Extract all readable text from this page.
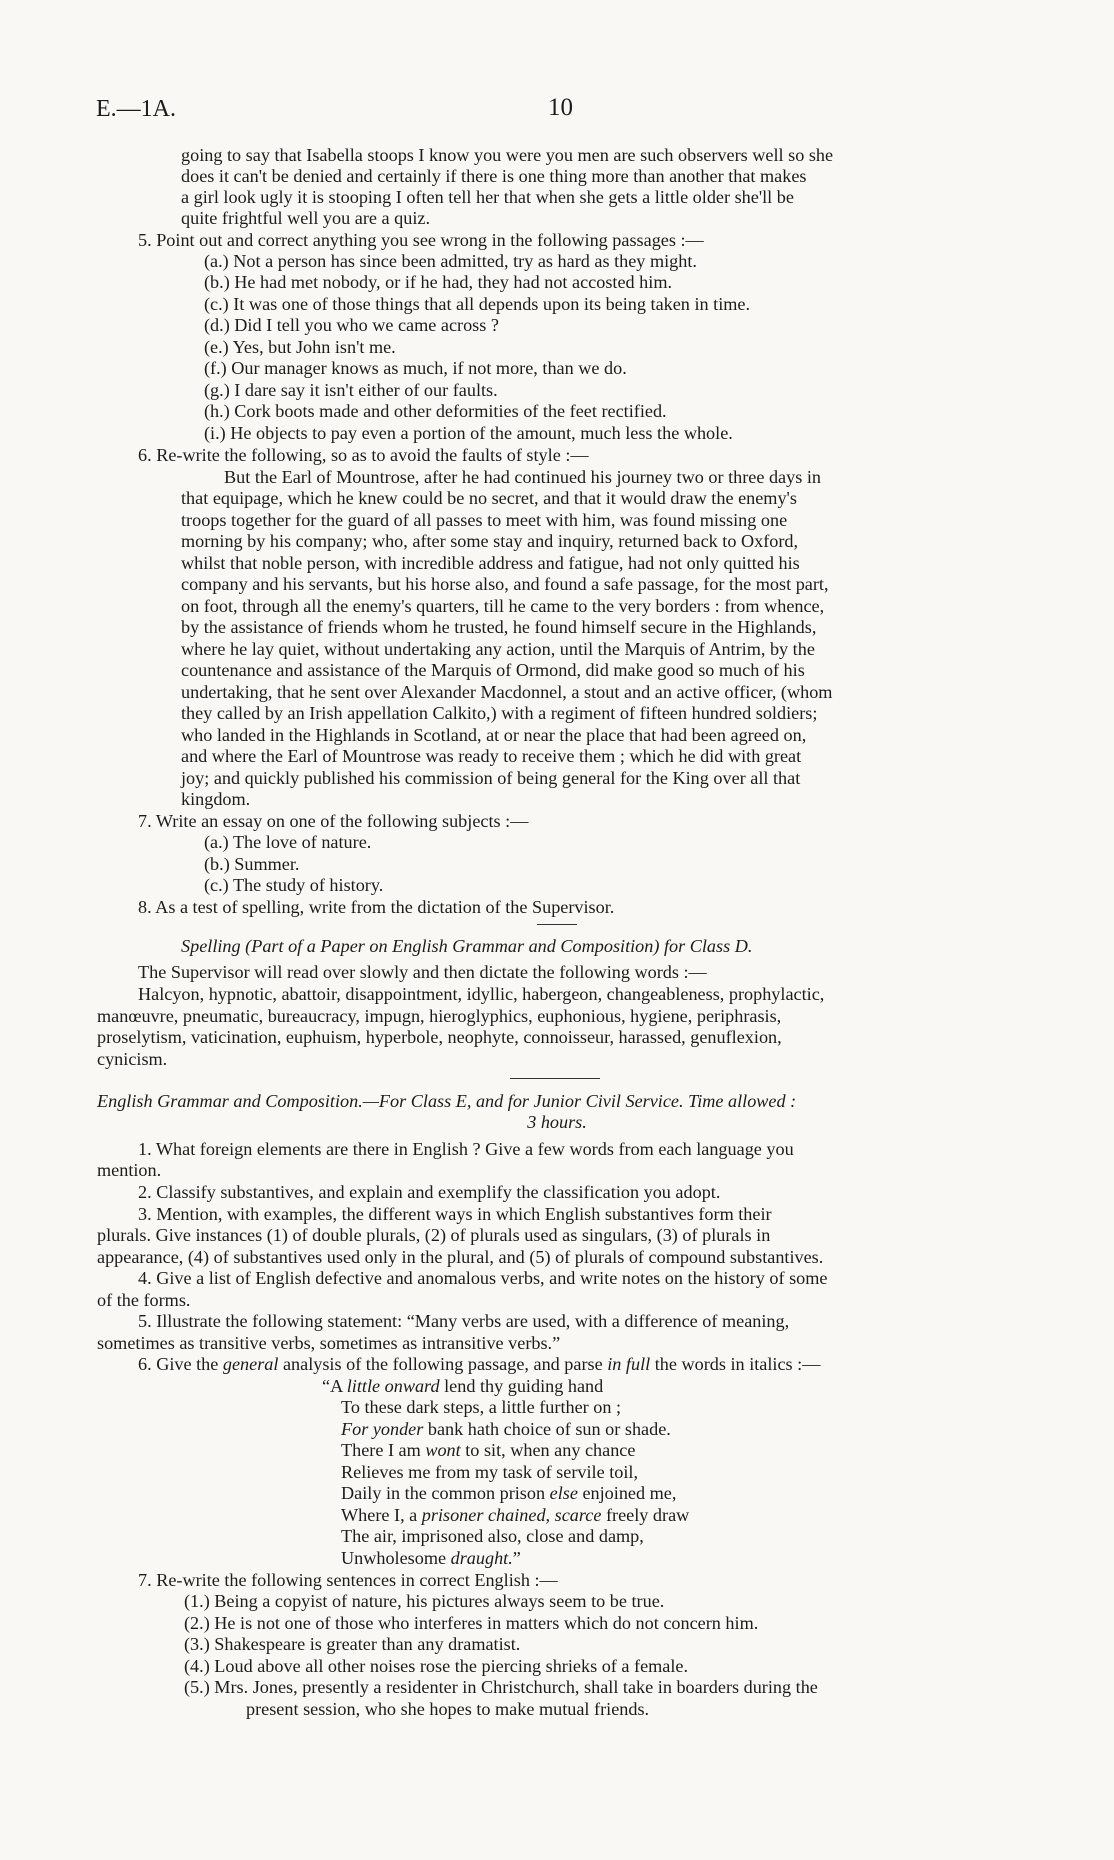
E.—1A.	10
going to say that Isabella stoops I know you were you men are such observers well so she
does it can't be denied and certainly if there is one thing more than another that makes
a girl look ugly it is stooping I often tell her that when she gets a little older she'll be
quite frightful well you are a quiz.
5. Point out and correct anything you see wrong in the following passages :—
(a.) Not a person has since been admitted, try as hard as they might.
(b.) He had met nobody, or if he had, they had not accosted him.
(c.) It was one of those things that all depends upon its being taken in time.
(d.) Did I tell you who we came across ?
(e.) Yes, but John isn't me.
(f.) Our manager knows as much, if not more, than we do.
(g.) I dare say it isn't either of our faults.
(h.) Cork boots made and other deformities of the feet rectified.
(i.) He objects to pay even a portion of the amount, much less the whole.
6. Re-write the following, so as to avoid the faults of style :—
But the Earl of Mountrose, after he had continued his journey two or three days in
that equipage, which he knew could be no secret, and that it would draw the enemy's
troops together for the guard of all passes to meet with him, was found missing one
morning by his company; who, after some stay and inquiry, returned back to Oxford,
whilst that noble person, with incredible address and fatigue, had not only quitted his
company and his servants, but his horse also, and found a safe passage, for the most part,
on foot, through all the enemy's quarters, till he came to the very borders : from whence,
by the assistance of friends whom he trusted, he found himself secure in the Highlands,
where he lay quiet, without undertaking any action, until the Marquis of Antrim, by the
countenance and assistance of the Marquis of Ormond, did make good so much of his
undertaking, that he sent over Alexander Macdonnel, a stout and an active officer, (whom
they called by an Irish appellation Calkito,) with a regiment of fifteen hundred soldiers;
who landed in the Highlands in Scotland, at or near the place that had been agreed on,
and where the Earl of Mountrose was ready to receive them ; which he did with great
joy; and quickly published his commission of being general for the King over all that
kingdom.
7. Write an essay on one of the following subjects :—
(a.) The love of nature.
(b.) Summer.
(c.) The study of history.
8. As a test of spelling, write from the dictation of the Supervisor.
Spelling (Part of a Paper on English Grammar and Composition) for Class D.
The Supervisor will read over slowly and then dictate the following words :—
Halcyon, hypnotic, abattoir, disappointment, idyllic, habergeon, changeableness, prophylactic,
manœuvre, pneumatic, bureaucracy, impugn, hieroglyphics, euphonious, hygiene, periphrasis,
proselytism, vaticination, euphuism, hyperbole, neophyte, connoisseur, harassed, genuflexion,
cynicism.
English Grammar and Composition.—For Class E, and for Junior Civil Service. Time allowed :
3 hours.
1. What foreign elements are there in English ? Give a few words from each language you
mention.
2. Classify substantives, and explain and exemplify the classification you adopt.
3. Mention, with examples, the different ways in which English substantives form their
plurals. Give instances (1) of double plurals, (2) of plurals used as singulars, (3) of plurals in
appearance, (4) of substantives used only in the plural, and (5) of plurals of compound substantives.
4. Give a list of English defective and anomalous verbs, and write notes on the history of some
of the forms.
5. Illustrate the following statement: “Many verbs are used, with a difference of meaning,
sometimes as transitive verbs, sometimes as intransitive verbs.”
6. Give the general analysis of the following passage, and parse in full the words in italics :—
“A little onward lend thy guiding hand
To these dark steps, a little further on ;
For yonder bank hath choice of sun or shade.
There I am wont to sit, when any chance
Relieves me from my task of servile toil,
Daily in the common prison else enjoined me,
Where I, a prisoner chained, scarce freely draw
The air, imprisoned also, close and damp,
Unwholesome draught.”
7. Re-write the following sentences in correct English :—
(1.) Being a copyist of nature, his pictures always seem to be true.
(2.) He is not one of those who interferes in matters which do not concern him.
(3.) Shakespeare is greater than any dramatist.
(4.) Loud above all other noises rose the piercing shrieks of a female.
(5.) Mrs. Jones, presently a residenter in Christchurch, shall take in boarders during the
present session, who she hopes to make mutual friends.
